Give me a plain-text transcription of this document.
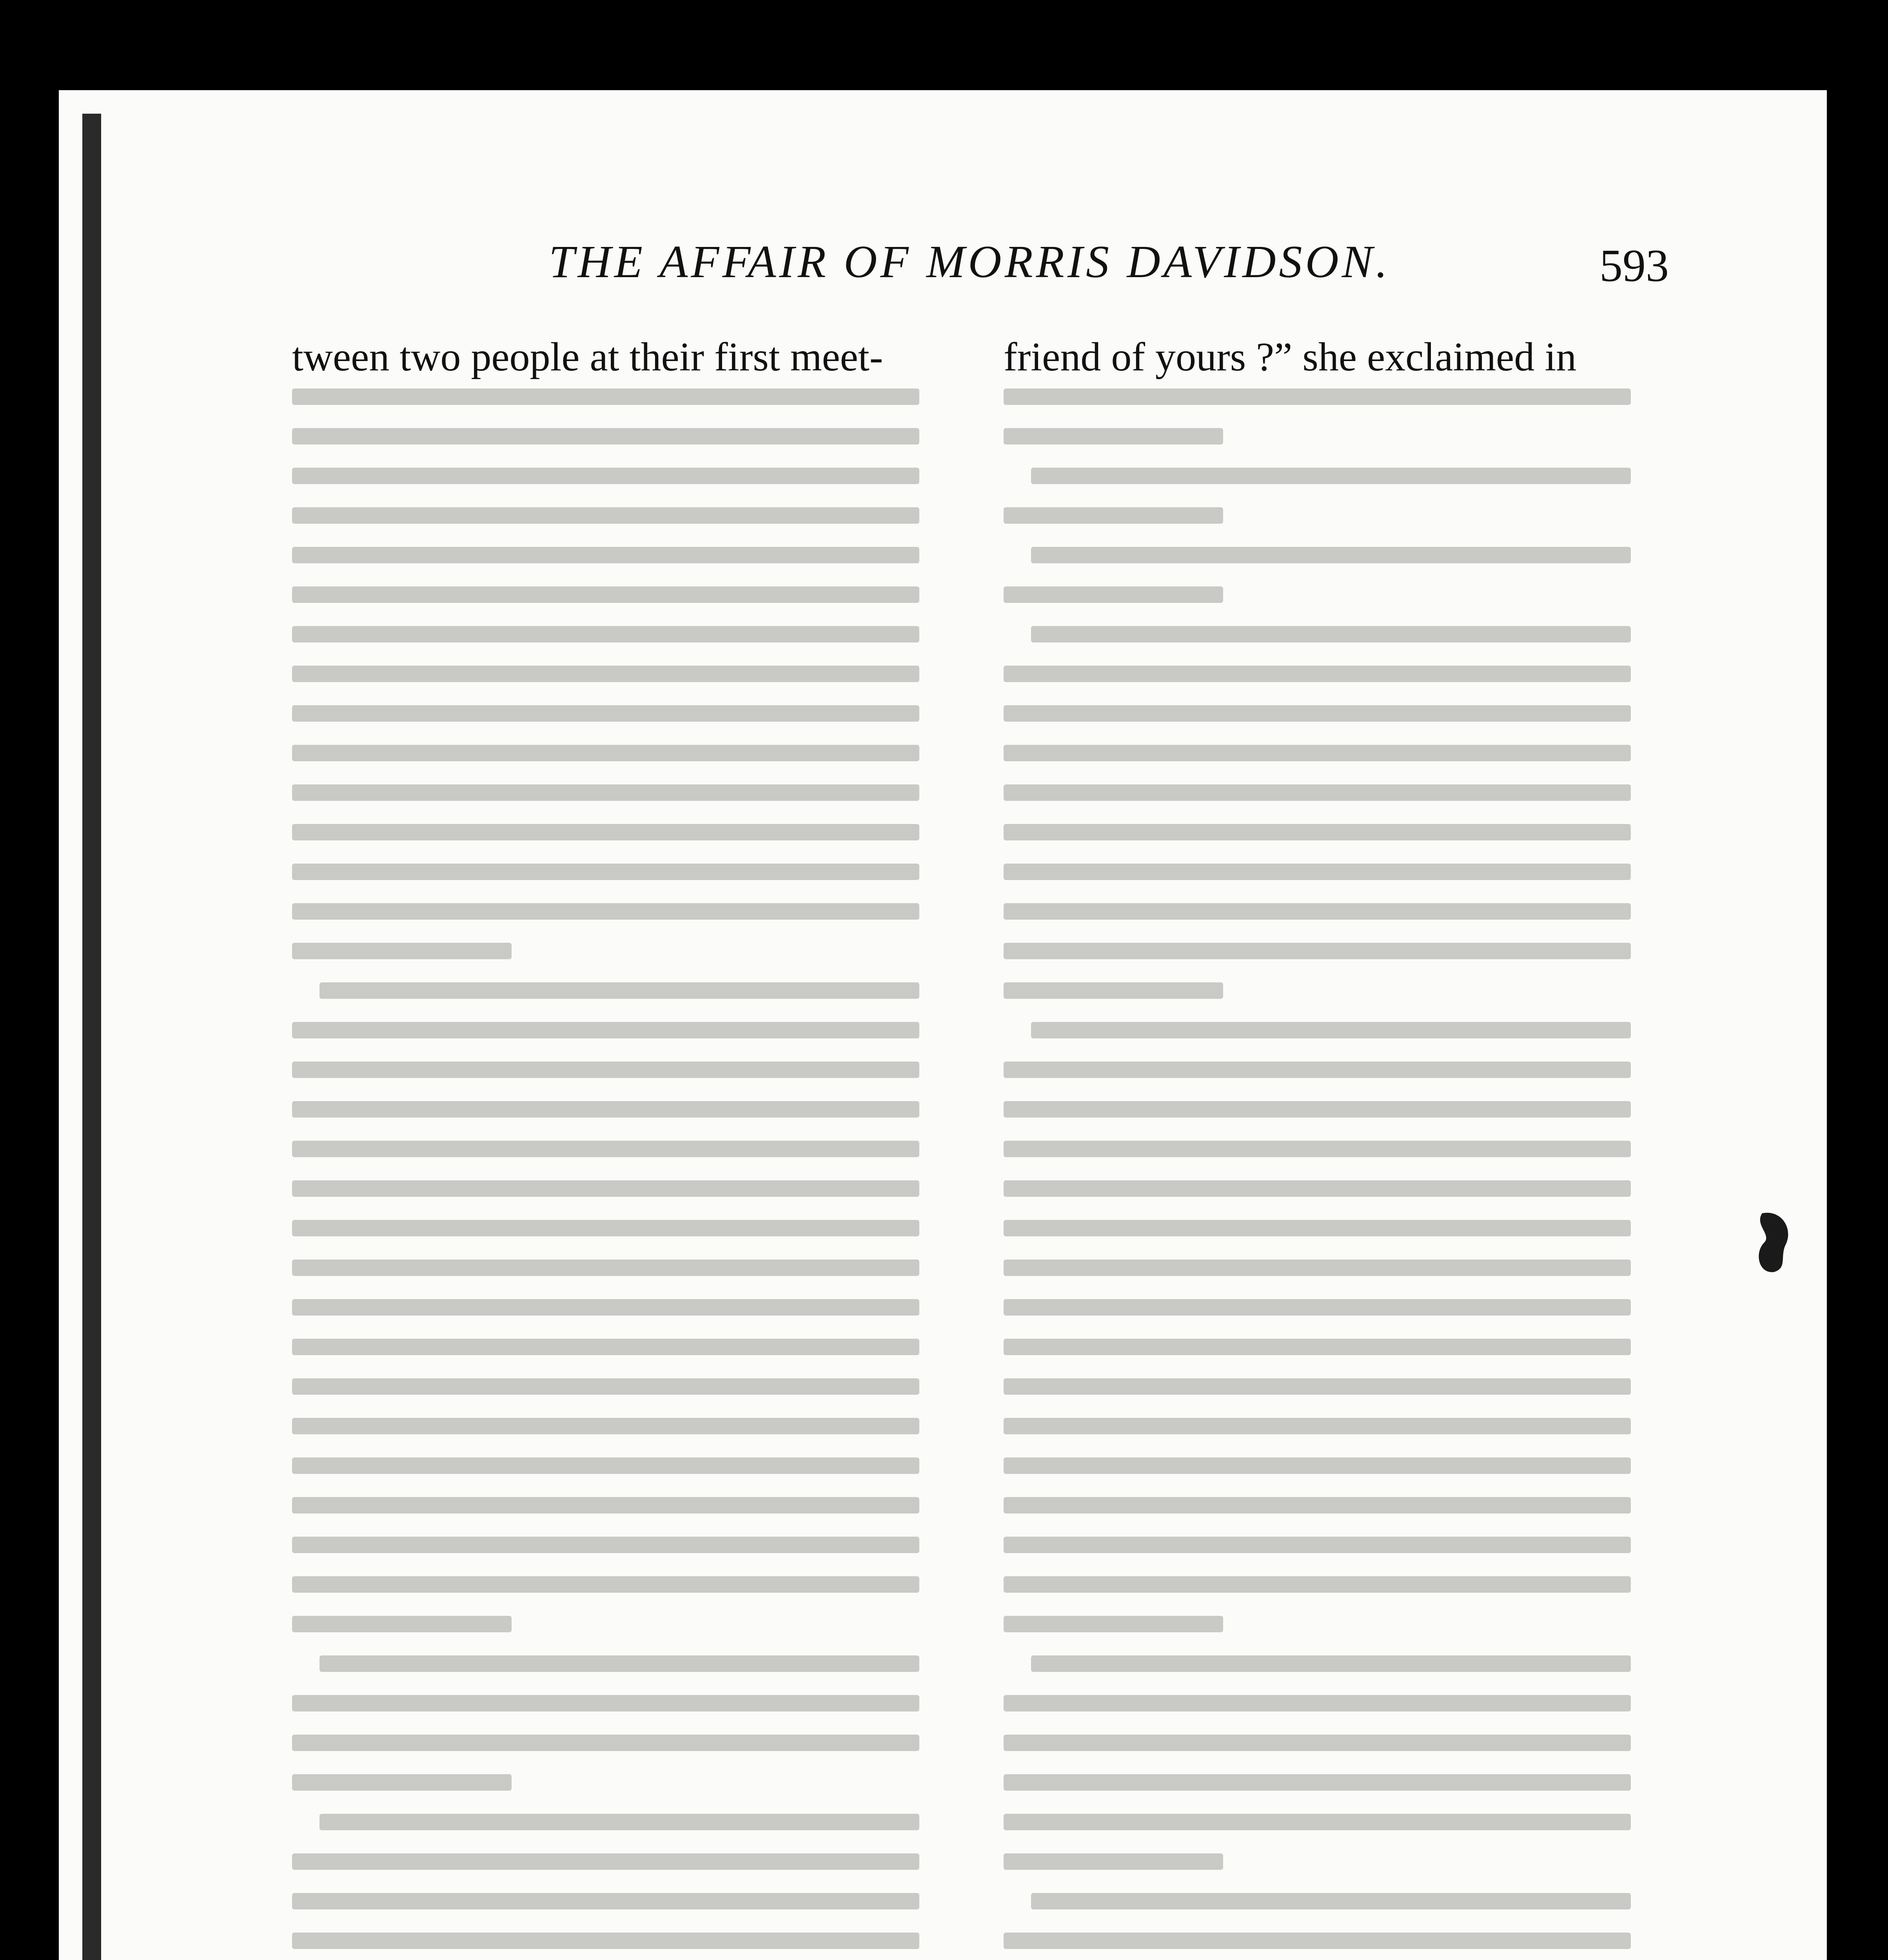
THE AFFAIR OF MORRIS DAVIDSON.	593
tween two people at their first meet-	friend of yours ?” she exclaimed in
